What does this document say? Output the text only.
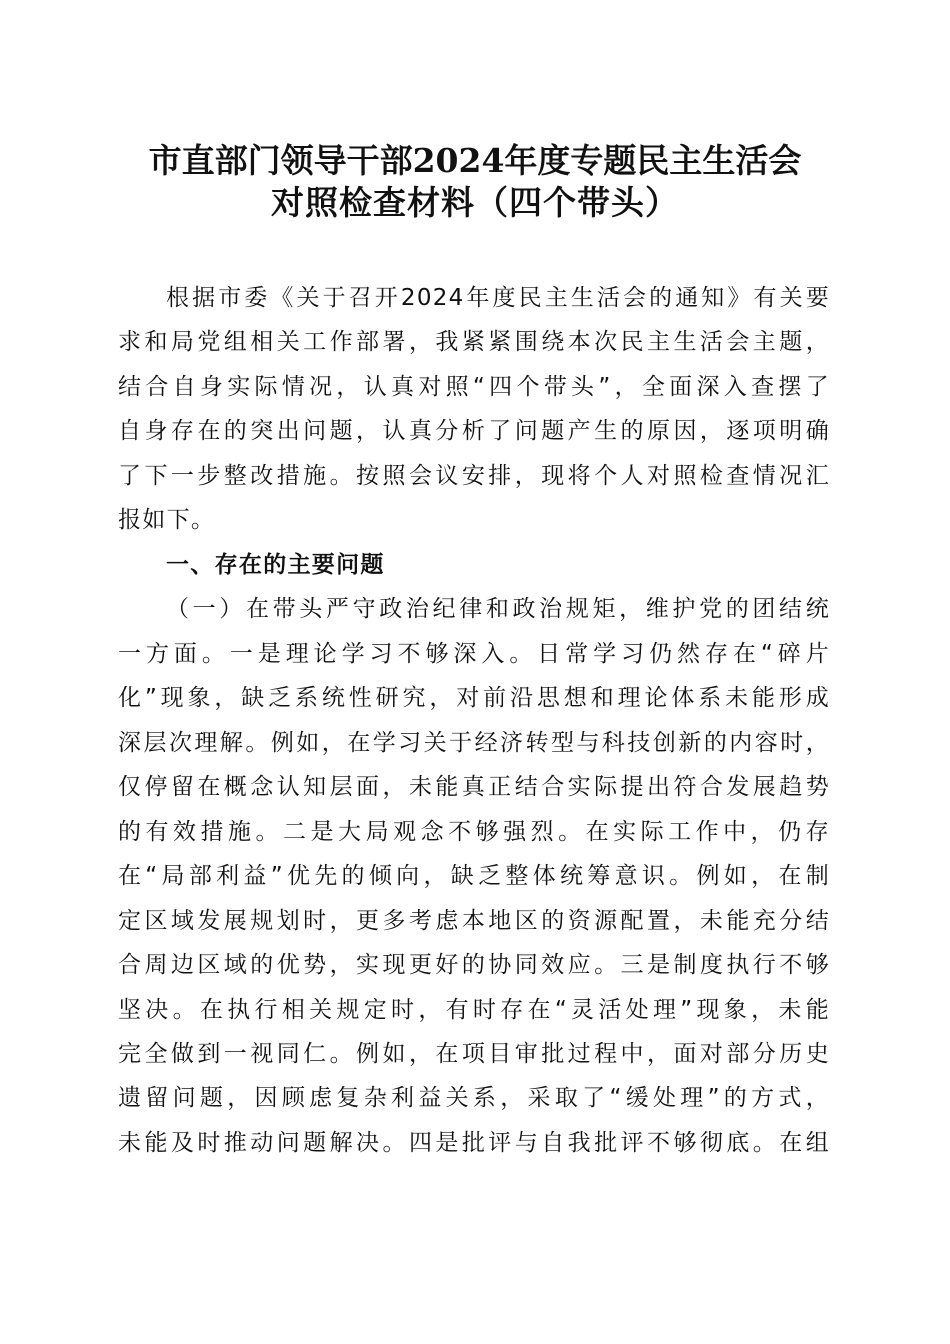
市直部门领导干部2024年度专题民主生活会
对照检查材料（四个带头）
根据市委《关于召开2024年度民主生活会的通知》有关要
求和局党组相关工作部署，我紧紧围绕本次民主生活会主题，
结合自身实际情况，认真对照“四个带头”，全面深入查摆了
自身存在的突出问题，认真分析了问题产生的原因，逐项明确
了下一步整改措施。按照会议安排，现将个人对照检查情况汇
报如下。
一、存在的主要问题
（一）在带头严守政治纪律和政治规矩，维护党的团结统
一方面。一是理论学习不够深入。日常学习仍然存在“碎片
化”现象，缺乏系统性研究，对前沿思想和理论体系未能形成
深层次理解。例如，在学习关于经济转型与科技创新的内容时，
仅停留在概念认知层面，未能真正结合实际提出符合发展趋势
的有效措施。二是大局观念不够强烈。在实际工作中，仍存
在“局部利益”优先的倾向，缺乏整体统筹意识。例如，在制
定区域发展规划时，更多考虑本地区的资源配置，未能充分结
合周边区域的优势，实现更好的协同效应。三是制度执行不够
坚决。在执行相关规定时，有时存在“灵活处理”现象，未能
完全做到一视同仁。例如，在项目审批过程中，面对部分历史
遗留问题，因顾虑复杂利益关系，采取了“缓处理”的方式，
未能及时推动问题解决。四是批评与自我批评不够彻底。在组
